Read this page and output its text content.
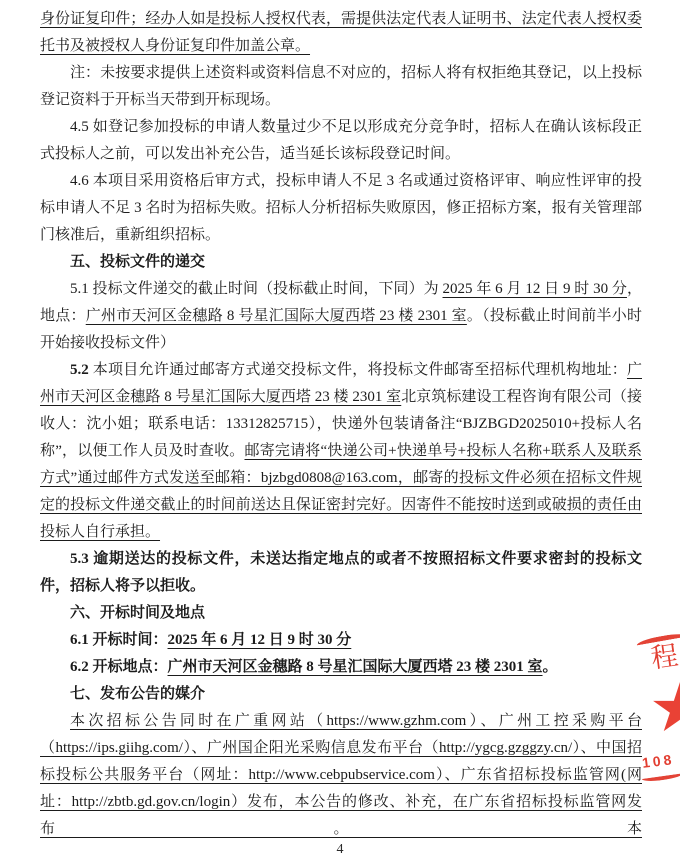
身份证复印件；经办人如是投标人授权代表，需提供法定代表人证明书、法定代表人授权委托书及被授权人身份证复印件加盖公章。

注：未按要求提供上述资料或资料信息不对应的，招标人将有权拒绝其登记，以上投标登记资料于开标当天带到开标现场。

4.5 如登记参加投标的申请人数量过少不足以形成充分竞争时，招标人在确认该标段正式投标人之前，可以发出补充公告，适当延长该标段登记时间。

4.6 本项目采用资格后审方式，投标申请人不足 3 名或通过资格评审、响应性评审的投标申请人不足 3 名时为招标失败。招标人分析招标失败原因，修正招标方案，报有关管理部门核准后，重新组织招标。

五、投标文件的递交

5.1 投标文件递交的截止时间（投标截止时间，下同）为 2025 年 6 月 12 日 9 时 30 分，地点：广州市天河区金穗路 8 号星汇国际大厦西塔 23 楼 2301 室。（投标截止时间前半小时开始接收投标文件）

5.2 本项目允许通过邮寄方式递交投标文件，将投标文件邮寄至招标代理机构地址：广州市天河区金穗路 8 号星汇国际大厦西塔 23 楼 2301 室北京筑标建设工程咨询有限公司（接收人：沈小姐；联系电话：13312825715），快递外包装请备注“BJZBGD2025010+投标人名称”，以便工作人员及时查收。邮寄完请将“快递公司+快递单号+投标人名称+联系人及联系方式”通过邮件方式发送至邮箱：bjzbgd0808@163.com，邮寄的投标文件必须在招标文件规定的投标文件递交截止的时间前送达且保证密封完好。因寄件不能按时送到或破损的责任由投标人自行承担。

5.3 逾期送达的投标文件，未送达指定地点的或者不按照招标文件要求密封的投标文件，招标人将予以拒收。

六、开标时间及地点

6.1 开标时间：2025 年 6 月 12 日 9 时 30 分

6.2 开标地点：广州市天河区金穗路 8 号星汇国际大厦西塔 23 楼 2301 室。

七、发布公告的媒介

本次招标公告同时在广重网站（https://www.gzhm.com）、广州工控采购平台（https://ips.giihg.com/）、广州国企阳光采购信息发布平台（http://ygcg.gzggzy.cn/）、中国招标投标公共服务平台（网址：http://www.cebpubservice.com）、广东省招标投标监管网(网址：http://zbtb.gd.gov.cn/login）发布，本公告的修改、补充，在广东省招标投标监管网发布。本

程
108
4
